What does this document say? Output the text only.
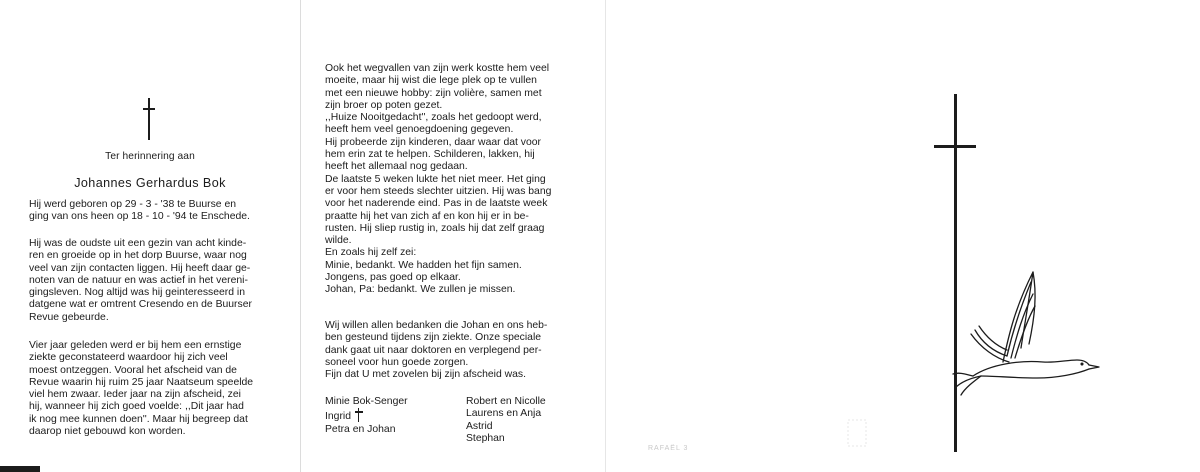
Ter herinnering aan
Johannes Gerhardus Bok
Hij werd geboren op 29 - 3 - '38 te Buurse en
ging van ons heen op 18 - 10 - '94 te Enschede.
Hij was de oudste uit een gezin van acht kinde-
ren en groeide op in het dorp Buurse, waar nog
veel van zijn contacten liggen. Hij heeft daar ge-
noten van de natuur en was actief in het vereni-
gingsleven. Nog altijd was hij geinteresseerd in
datgene wat er omtrent Cresendo en de Buurser
Revue gebeurde.
Vier jaar geleden werd er bij hem een ernstige
ziekte geconstateerd waardoor hij zich veel
moest ontzeggen. Vooral het afscheid van de
Revue waarin hij ruim 25 jaar Naatseum speelde
viel hem zwaar. Ieder jaar na zijn afscheid, zei
hij, wanneer hij zich goed voelde: ,,Dit jaar had
ik nog mee kunnen doen''. Maar hij begreep dat
daarop niet gebouwd kon worden.
Ook het wegvallen van zijn werk kostte hem veel
moeite, maar hij wist die lege plek op te vullen
met een nieuwe hobby: zijn volière, samen met
zijn broer op poten gezet.
,,Huize Nooitgedacht'', zoals het gedoopt werd,
heeft hem veel genoegdoening gegeven.
Hij probeerde zijn kinderen, daar waar dat voor
hem erin zat te helpen. Schilderen, lakken, hij
heeft het allemaal nog gedaan.
De laatste 5 weken lukte het niet meer. Het ging
er voor hem steeds slechter uitzien. Hij was bang
voor het naderende eind. Pas in de laatste week
praatte hij het van zich af en kon hij er in be-
rusten. Hij sliep rustig in, zoals hij dat zelf graag
wilde.
En zoals hij zelf zei:
Minie, bedankt. We hadden het fijn samen.
Jongens, pas goed op elkaar.
Johan, Pa: bedankt. We zullen je missen.
Wij willen allen bedanken die Johan en ons heb-
ben gesteund tijdens zijn ziekte. Onze speciale
dank gaat uit naar doktoren en verplegend per-
soneel voor hun goede zorgen.
Fijn dat U met zovelen bij zijn afscheid was.
Minie Bok-Senger
Ingrid
Petra en Johan
Robert en Nicolle
Laurens en Anja
Astrid
Stephan
RAFAËL 3
